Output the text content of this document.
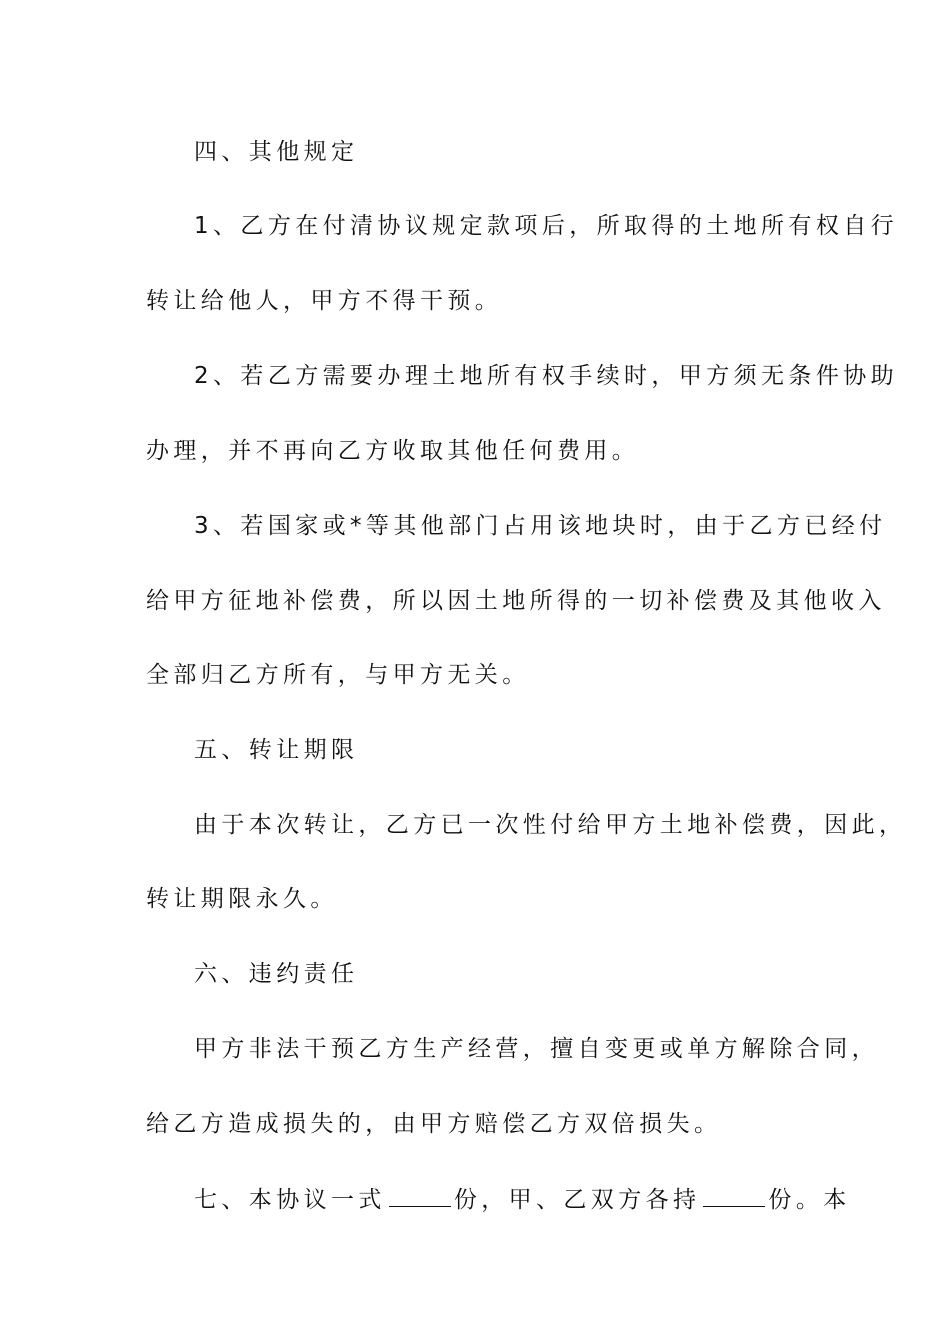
四、其他规定

1、乙方在付清协议规定款项后，所取得的土地所有权自行

转让给他人，甲方不得干预。

2、若乙方需要办理土地所有权手续时，甲方须无条件协助

办理，并不再向乙方收取其他任何费用。

3、若国家或*等其他部门占用该地块时，由于乙方已经付

给甲方征地补偿费，所以因土地所得的一切补偿费及其他收入

全部归乙方所有，与甲方无关。

五、转让期限

由于本次转让，乙方已一次性付给甲方土地补偿费，因此，

转让期限永久。

六、违约责任

甲方非法干预乙方生产经营，擅自变更或单方解除合同，

给乙方造成损失的，由甲方赔偿乙方双倍损失。

七、本协议一式	份，甲、乙双方各持	份。本
